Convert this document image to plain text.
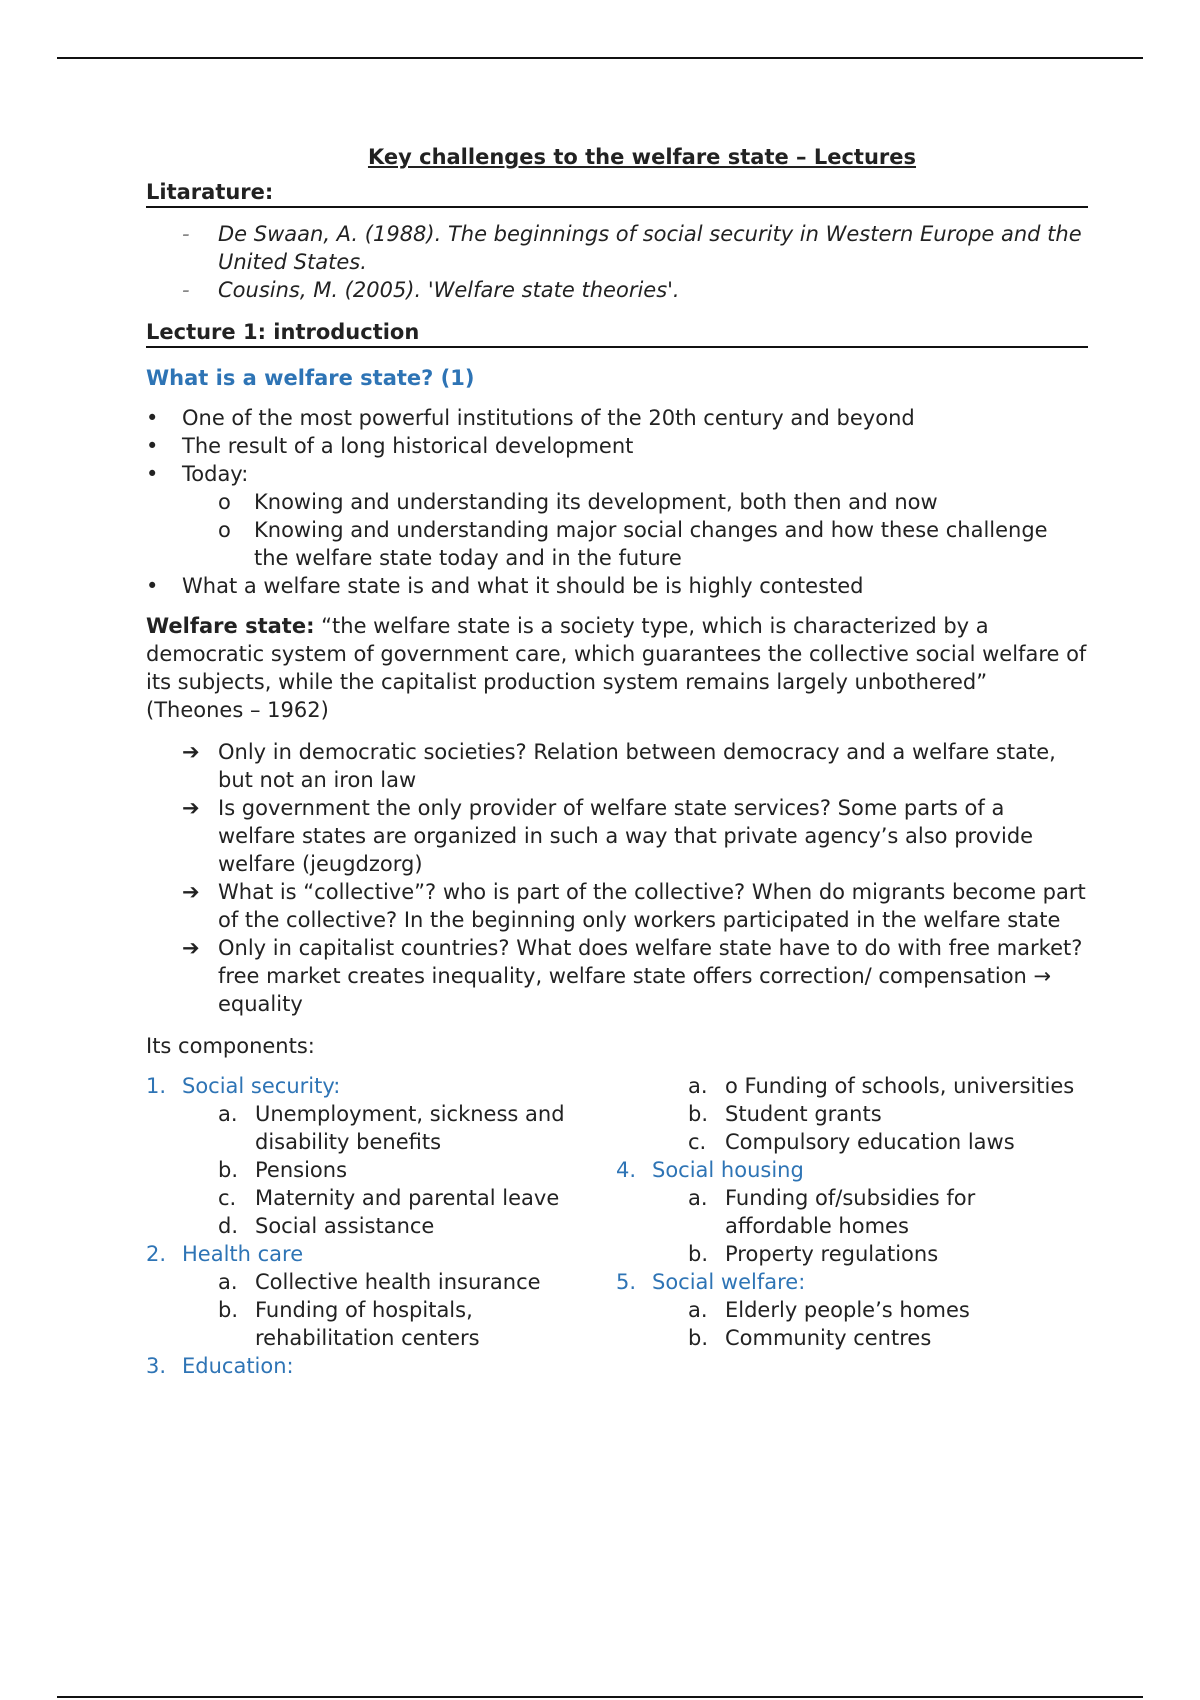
Key challenges to the welfare state – Lectures
Litarature:
- De Swaan, A. (1988). The beginnings of social security in Western Europe and the United States.
- Cousins, M. (2005). 'Welfare state theories'.
Lecture 1: introduction
What is a welfare state? (1)
• One of the most powerful institutions of the 20th century and beyond
• The result of a long historical development
• Today:
o Knowing and understanding its development, both then and now
o Knowing and understanding major social changes and how these challenge the welfare state today and in the future
• What a welfare state is and what it should be is highly contested
Welfare state: “the welfare state is a society type, which is characterized by a democratic system of government care, which guarantees the collective social welfare of its subjects, while the capitalist production system remains largely unbothered” (Theones – 1962)
➔ Only in democratic societies? Relation between democracy and a welfare state, but not an iron law
➔ Is government the only provider of welfare state services? Some parts of a welfare states are organized in such a way that private agency’s also provide welfare (jeugdzorg)
➔ What is “collective”? who is part of the collective? When do migrants become part of the collective? In the beginning only workers participated in the welfare state
➔ Only in capitalist countries? What does welfare state have to do with free market? free market creates inequality, welfare state offers correction/ compensation → equality
Its components:
1. Social security:
a. Unemployment, sickness and disability benefits
b. Pensions
c. Maternity and parental leave
d. Social assistance
2. Health care
a. Collective health insurance
b. Funding of hospitals, rehabilitation centers
3. Education:
a. o Funding of schools, universities
b. Student grants
c. Compulsory education laws
4. Social housing
a. Funding of/subsidies for affordable homes
b. Property regulations
5. Social welfare:
a. Elderly people’s homes
b. Community centres
